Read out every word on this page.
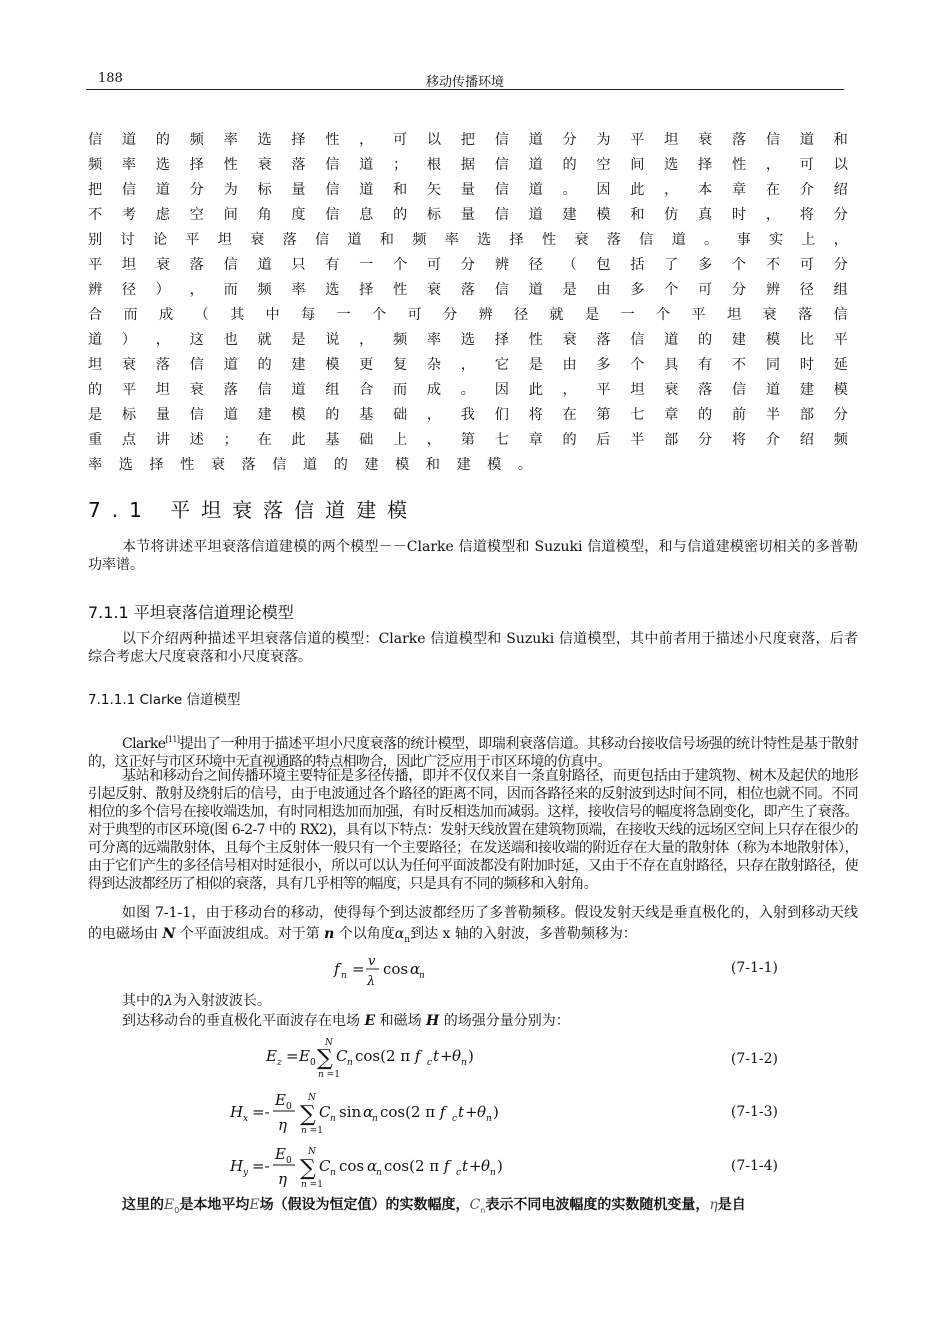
188	移动传播环境
信 道 的 频 率 选 择 性 ， 可 以 把 信 道 分 为 平 坦 衰 落 信 道 和
频 率 选 择 性 衰 落 信 道 ； 根 据 信 道 的 空 间 选 择 性 ， 可 以
把 信 道 分 为 标 量 信 道 和 矢 量 信 道 。 因 此 ， 本 章 在 介 绍
不 考 虑 空 间 角 度 信 息 的 标 量 信 道 建 模 和 仿 真 时 ， 将 分
别 讨 论 平 坦 衰 落 信 道 和 频 率 选 择 性 衰 落 信 道 。 事 实 上 ，
平 坦 衰 落 信 道 只 有 一 个 可 分 辨 径 （ 包 括 了 多 个 不 可 分
辨 径 ） ， 而 频 率 选 择 性 衰 落 信 道 是 由 多 个 可 分 辨 径 组
合 而 成 （ 其 中 每 一 个 可 分 辨 径 就 是 一 个 平 坦 衰 落 信
道 ） ， 这 也 就 是 说 ， 频 率 选 择 性 衰 落 信 道 的 建 模 比 平
坦 衰 落 信 道 的 建 模 更 复 杂 ， 它 是 由 多 个 具 有 不 同 时 延
的 平 坦 衰 落 信 道 组 合 而 成 。 因 此 ， 平 坦 衰 落 信 道 建 模
是 标 量 信 道 建 模 的 基 础 ， 我 们 将 在 第 七 章 的 前 半 部 分
重 点 讲 述 ； 在 此 基 础 上 ， 第 七 章 的 后 半 部 分 将 介 绍 频
率 选 择 性 衰 落 信 道 的 建 模 和 建 模 。
7.1 平坦衰落信道建模

本节将讲述平坦衰落信道建模的两个模型－－Clarke 信道模型和 Suzuki 信道模型，和与信道建模密切相关的多普勒功率谱。

7.1.1 平坦衰落信道理论模型

以下介绍两种描述平坦衰落信道的模型：Clarke 信道模型和 Suzuki 信道模型，其中前者用于描述小尺度衰落，后者综合考虑大尺度衰落和小尺度衰落。

7.1.1.1 Clarke 信道模型

Clarke[11]提出了一种用于描述平坦小尺度衰落的统计模型，即瑞利衰落信道。其移动台接收信号场强的统计特性是基于散射的，这正好与市区环境中无直视通路的特点相吻合，因此广泛应用于市区环境的仿真中。

基站和移动台之间传播环境主要特征是多径传播，即并不仅仅来自一条直射路径，而更包括由于建筑物、树木及起伏的地形引起反射、散射及绕射后的信号，由于电波通过各个路径的距离不同，因而各路径来的反射波到达时间不同，相位也就不同。不同相位的多个信号在接收端迭加，有时同相迭加而加强，有时反相迭加而减弱。这样，接收信号的幅度将急剧变化，即产生了衰落。对于典型的市区环境(图 6-2-7 中的 RX2)，具有以下特点：发射天线放置在建筑物顶端，在接收天线的远场区空间上只存在很少的可分离的远端散射体，且每个主反射体一般只有一个主要路径；在发送端和接收端的附近存在大量的散射体（称为本地散射体），由于它们产生的多径信号相对时延很小，所以可以认为任何平面波都没有附加时延，又由于不存在直射路径，只存在散射路径，使得到达波都经历了相似的衰落，具有几乎相等的幅度，只是具有不同的频移和入射角。

如图 7-1-1，由于移动台的移动，使得每个到达波都经历了多普勒频移。假设发射天线是垂直极化的，入射到移动天线的电磁场由 N 个平面波组成。对于第 n 个以角度$\alpha_n$到达 x 轴的入射波，多普勒频移为：

f n = v
λ
cos α
n	(7-1-1)

其中的λ为入射波波长。

到达移动台的垂直极化平面波存在电场 E 和磁场 H 的场强分量分别为：

E z = E 0 ∑
N
n =1
C n cos(2 π f c t + θ n )	(7-1-2)
H x =-
E 0
η ∑
N
n =1
C n sin α
n cos(2 π f c t + θ n )	(7-1-3)
H y =-
E 0
η ∑
N
n =1
C n cos α
n cos(2 π f c t + θ n )	(7-1-4)

这里的$E_0$是本地平均E场（假设为恒定值）的实数幅度，$C_n$表示不同电波幅度的实数随机变量，η是自
